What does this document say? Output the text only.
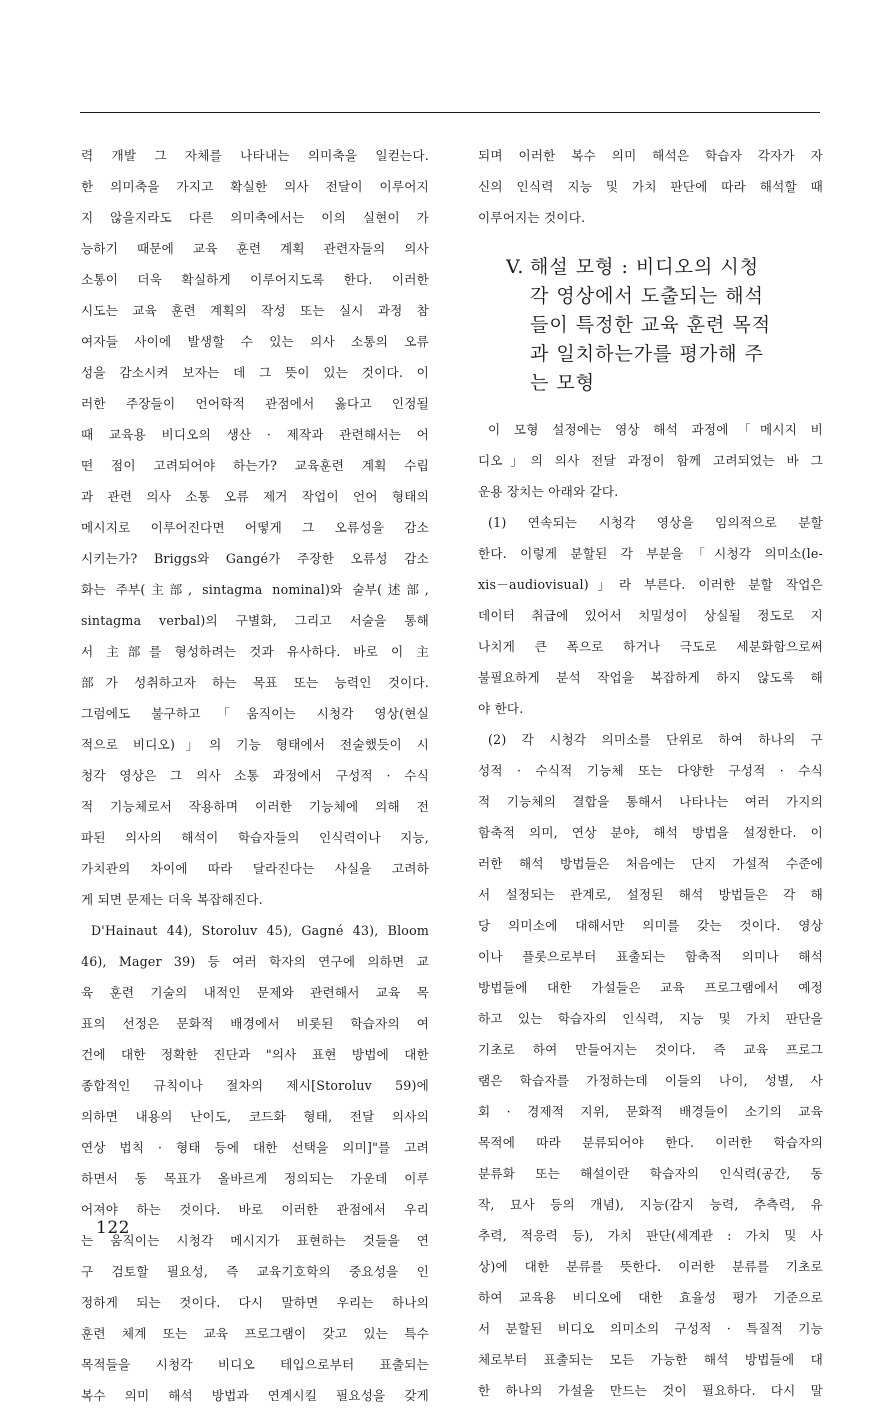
력 개발 그 자체를 나타내는 의미축을 일컫는다.
한 의미축을 가지고 확실한 의사 전달이 이루어지
지 않을지라도 다른 의미축에서는 이의 실현이 가
능하기 때문에 교육 훈련 계획 관련자들의 의사
소통이 더욱 확실하게 이루어지도록 한다. 이러한
시도는 교육 훈련 계획의 작성 또는 실시 과정 참
여자들 사이에 발생할 수 있는 의사 소통의 오류
성을 감소시켜 보자는 데 그 뜻이 있는 것이다. 이
러한 주장들이 언어학적 관점에서 옳다고 인정될
때 교육용 비디오의 생산 · 제작과 관련해서는 어
떤 점이 고려되어야 하는가? 교육훈련 계획 수립
과 관련 의사 소통 오류 제거 작업이 언어 형태의
메시지로 이루어진다면 어떻게 그 오류성을 감소
시키는가? Briggs와 Gangé가 주장한 오류성 감소
화는 주부(主部, sintagma nominal)와 술부(述部,
sintagma verbal)의 구별화, 그리고 서술을 통해
서 主部를 형성하려는 것과 유사하다. 바로 이 主
部가 성취하고자 하는 목표 또는 능력인 것이다.
그럼에도 불구하고「움직이는 시청각 영상(현실
적으로 비디오)」의 기능 형태에서 전술했듯이 시
청각 영상은 그 의사 소통 과정에서 구성적 · 수식
적 기능체로서 작용하며 이러한 기능체에 의해 전
파된 의사의 해석이 학습자들의 인식력이나 지능,
가치관의 차이에 따라 달라진다는 사실을 고려하
게 되면 문제는 더욱 복잡해진다.
D'Hainaut 44), Storoluv 45), Gagné 43), Bloom
46), Mager 39) 등 여러 학자의 연구에 의하면 교
육 훈련 기술의 내적인 문제와 관련해서 교육 목
표의 선정은 문화적 배경에서 비롯된 학습자의 여
건에 대한 정확한 진단과 "의사 표현 방법에 대한
종합적인 규칙이나 절차의 제시[Storoluv 59)에
의하면 내용의 난이도, 코드화 형태, 전달 의사의
연상 법칙 · 형태 등에 대한 선택을 의미]"를 고려
하면서 동 목표가 올바르게 정의되는 가운데 이루
어져야 하는 것이다. 바로 이러한 관점에서 우리
는 움직이는 시청각 메시지가 표현하는 것들을 연
구 검토할 필요성, 즉 교육기호학의 중요성을 인
정하게 되는 것이다. 다시 말하면 우리는 하나의
훈련 체계 또는 교육 프로그램이 갖고 있는 특수
목적들을 시청각 비디오 테입으로부터 표출되는
복수 의미 해석 방법과 연계시킬 필요성을 갖게
되며 이러한 복수 의미 해석은 학습자 각자가 자
신의 인식력 지능 및 가치 판단에 따라 해석할 때
이루어지는 것이다.
V. 해설 모형 : 비디오의 시청
각 영상에서 도출되는 해석
들이 특정한 교육 훈련 목적
과 일치하는가를 평가해 주
는 모형
이 모형 설정에는 영상 해석 과정에「메시지 비
디오」의 의사 전달 과정이 함께 고려되었는 바 그
운용 장치는 아래와 같다.
(1) 연속되는 시청각 영상을 임의적으로 분할
한다. 이렇게 분할된 각 부분을「시청각 의미소(le-
xis－audiovisual)」라 부른다. 이러한 분할 작업은
데이터 취급에 있어서 치밀성이 상실될 정도로 지
나치게 큰 폭으로 하거나 극도로 세분화함으로써
불필요하게 분석 작업을 복잡하게 하지 않도록 해
야 한다.
(2) 각 시청각 의미소를 단위로 하여 하나의 구
성적 · 수식적 기능체 또는 다양한 구성적 · 수식
적 기능체의 결합을 통해서 나타나는 여러 가지의
함축적 의미, 연상 분야, 해석 방법을 설정한다. 이
러한 해석 방법들은 처음에는 단지 가설적 수준에
서 설정되는 관계로, 설정된 해석 방법들은 각 해
당 의미소에 대해서만 의미를 갖는 것이다. 영상
이나 플롯으로부터 표출되는 함축적 의미나 해석
방법들에 대한 가설들은 교육 프로그램에서 예정
하고 있는 학습자의 인식력, 지능 및 가치 판단을
기초로 하여 만들어지는 것이다. 즉 교육 프로그
램은 학습자를 가정하는데 이들의 나이, 성별, 사
회 · 경제적 지위, 문화적 배경들이 소기의 교육
목적에 따라 분류되어야 한다. 이러한 학습자의
분류화 또는 해설이란 학습자의 인식력(공간, 동
작, 묘사 등의 개념), 지능(감지 능력, 추측력, 유
추력, 적응력 등), 가치 판단(세계관 : 가치 및 사
상)에 대한 분류를 뜻한다. 이러한 분류를 기초로
하여 교육용 비디오에 대한 효율성 평가 기준으로
서 분할된 비디오 의미소의 구성적 · 특질적 기능
체로부터 표출되는 모든 가능한 해석 방법들에 대
한 하나의 가설을 만드는 것이 필요하다. 다시 말
122
